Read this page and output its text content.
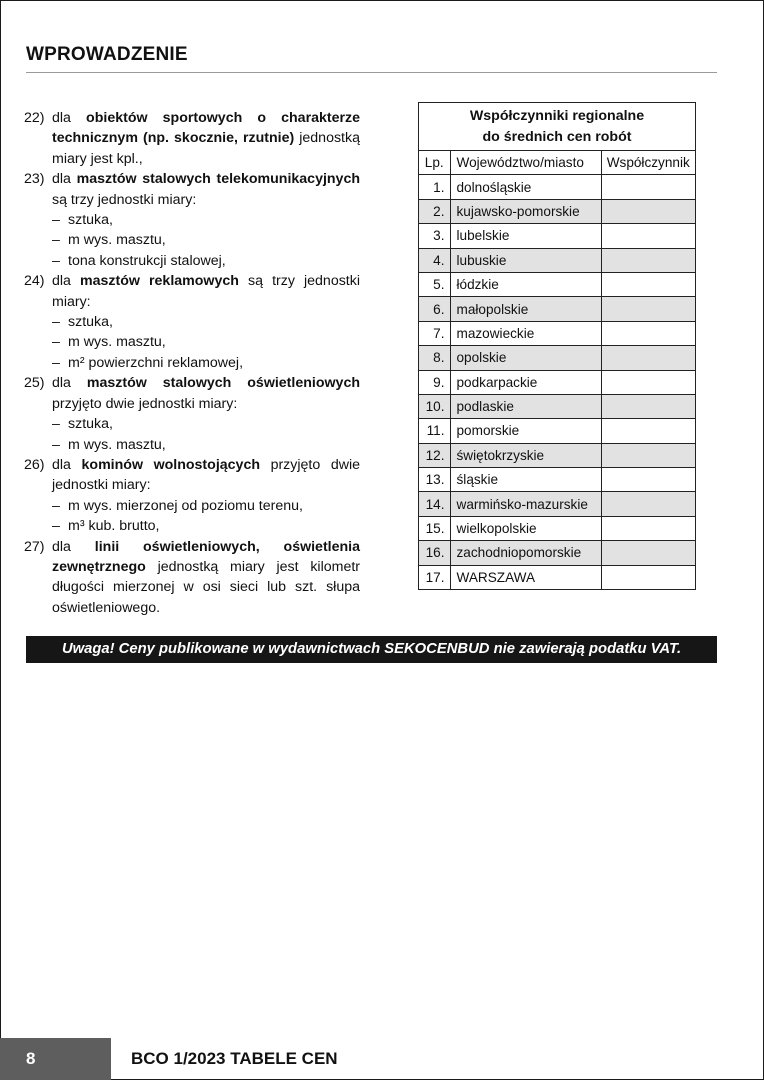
WPROWADZENIE
22) dla obiektów sportowych o charakterze technicznym (np. skocznie, rzutnie) jednostką miary jest kpl.,
23) dla masztów stalowych telekomunikacyjnych są trzy jednostki miary:
– sztuka,
– m wys. masztu,
– tona konstrukcji stalowej,
24) dla masztów reklamowych są trzy jednostki miary:
– sztuka,
– m wys. masztu,
– m² powierzchni reklamowej,
25) dla masztów stalowych oświetleniowych przyjęto dwie jednostki miary:
– sztuka,
– m wys. masztu,
26) dla kominów wolnostojących przyjęto dwie jednostki miary:
– m wys. mierzonej od poziomu terenu,
– m³ kub. brutto,
27) dla linii oświetleniowych, oświetlenia zewnętrznego jednostką miary jest kilometr długości mierzonej w osi sieci lub szt. słupa oświetleniowego.
Współczynniki regionalne
do średnich cen robót
Lp.	Województwo/miasto	Współczynnik
1.	dolnośląskie	
2.	kujawsko-pomorskie	
3.	lubelskie	
4.	lubuskie	
5.	łódzkie	
6.	małopolskie	
7.	mazowieckie	
8.	opolskie	
9.	podkarpackie	
10.	podlaskie	
11.	pomorskie	
12.	świętokrzyskie	
13.	śląskie	
14.	warmińsko-mazurskie	
15.	wielkopolskie	
16.	zachodniopomorskie	
17.	WARSZAWA	
Uwaga! Ceny publikowane w wydawnictwach SEKOCENBUD nie zawierają podatku VAT.
8	BCO 1/2023 TABELE CEN
